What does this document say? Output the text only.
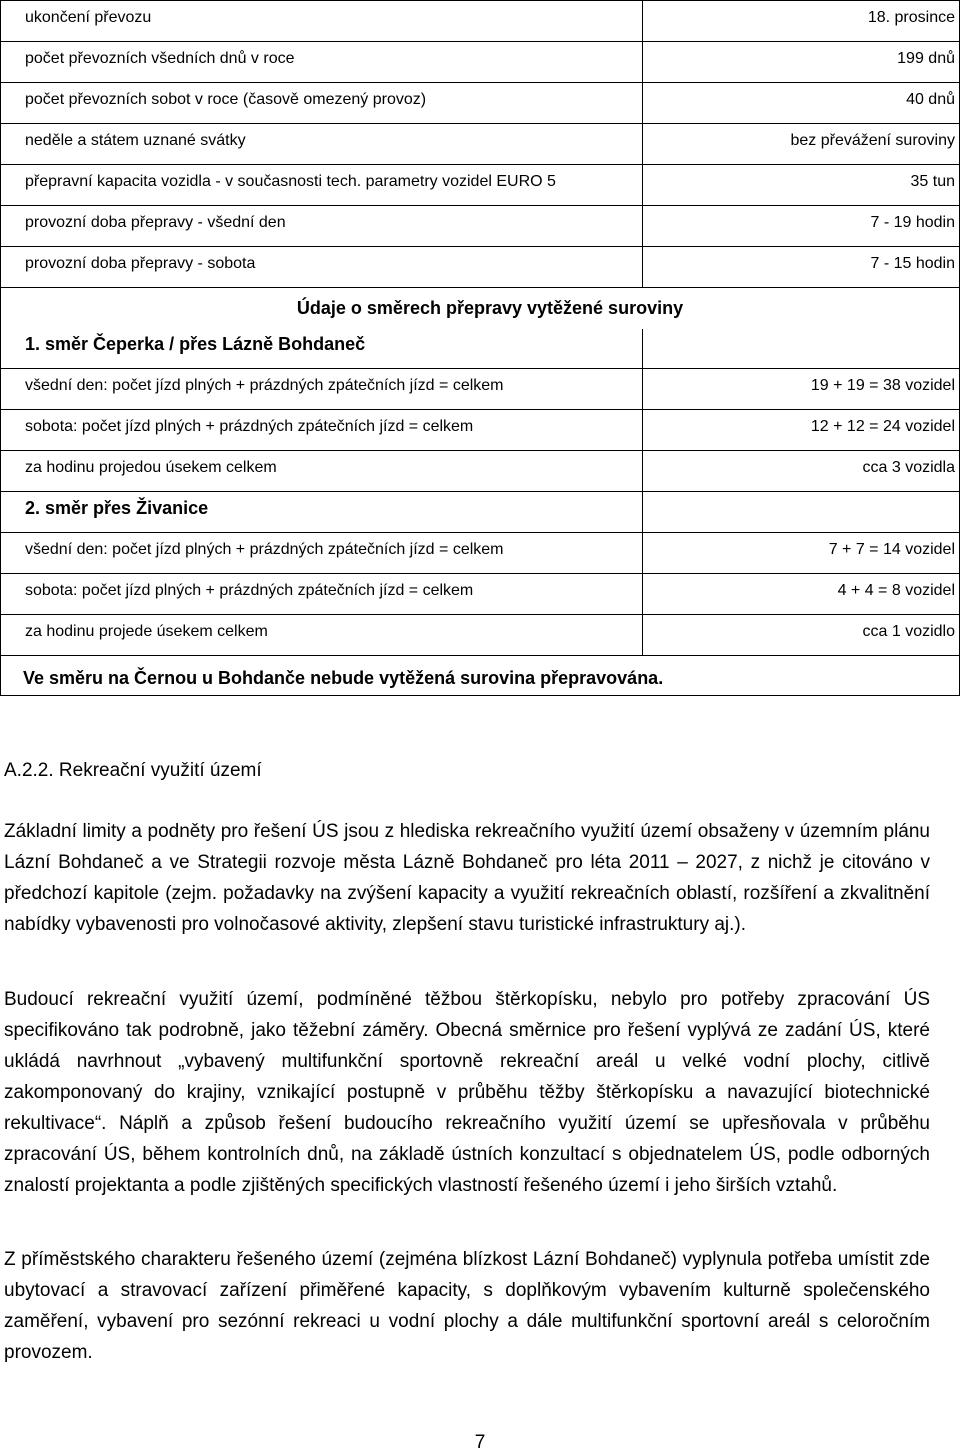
ukončení převozu	18. prosince
počet převozních všedních dnů v roce	199 dnů
počet převozních sobot v roce (časově omezený provoz)	40 dnů
neděle a státem uznané svátky	bez převážení suroviny
přepravní kapacita vozidla - v současnosti tech. parametry vozidel EURO 5	35 tun
provozní doba přepravy - všední den	7 - 19 hodin
provozní doba přepravy - sobota	7 - 15 hodin
Údaje o směrech přepravy vytěžené suroviny
1. směr Čeperka / přes Lázně Bohdaneč
všední den: počet jízd plných + prázdných zpátečních jízd = celkem	19 + 19 = 38 vozidel
sobota: počet jízd plných + prázdných zpátečních jízd = celkem	12 + 12 = 24 vozidel
za hodinu projedou úsekem celkem	cca 3 vozidla
2. směr přes Živanice
všední den: počet jízd plných + prázdných zpátečních jízd = celkem	7 + 7 = 14 vozidel
sobota: počet jízd plných + prázdných zpátečních jízd = celkem	4 + 4 = 8 vozidel
za hodinu projede úsekem celkem	cca 1 vozidlo
Ve směru na Černou u Bohdanče nebude vytěžená surovina přepravována.
A.2.2. Rekreační využití území

Základní limity a podněty pro řešení ÚS jsou z hlediska rekreačního využití území obsaženy v územním plánu Lázní Bohdaneč a ve Strategii rozvoje města Lázně Bohdaneč pro léta 2011 – 2027, z nichž je citováno v předchozí kapitole (zejm. požadavky na zvýšení kapacity a využití rekreačních oblastí, rozšíření a zkvalitnění nabídky vybavenosti pro volnočasové aktivity, zlepšení stavu turistické infrastruktury aj.).

Budoucí rekreační využití území, podmíněné těžbou štěrkopísku, nebylo pro potřeby zpracování ÚS specifikováno tak podrobně, jako těžební záměry. Obecná směrnice pro řešení vyplývá ze zadání ÚS, které ukládá navrhnout „vybavený multifunkční sportovně rekreační areál u velké vodní plochy, citlivě zakomponovaný do krajiny, vznikající postupně v průběhu těžby štěrkopísku a navazující biotechnické rekultivace“. Náplň a způsob řešení budoucího rekreačního využití území se upřesňovala v průběhu zpracování ÚS, během kontrolních dnů, na základě ústních konzultací s objednatelem ÚS, podle odborných znalostí projektanta a podle zjištěných specifických vlastností řešeného území i jeho širších vztahů.

Z příměstského charakteru řešeného území (zejména blízkost Lázní Bohdaneč) vyplynula potřeba umístit zde ubytovací a stravovací zařízení přiměřené kapacity, s doplňkovým vybavením kulturně společenského zaměření, vybavení pro sezónní rekreaci u vodní plochy a dále multifunkční sportovní areál s celoročním provozem.

7
